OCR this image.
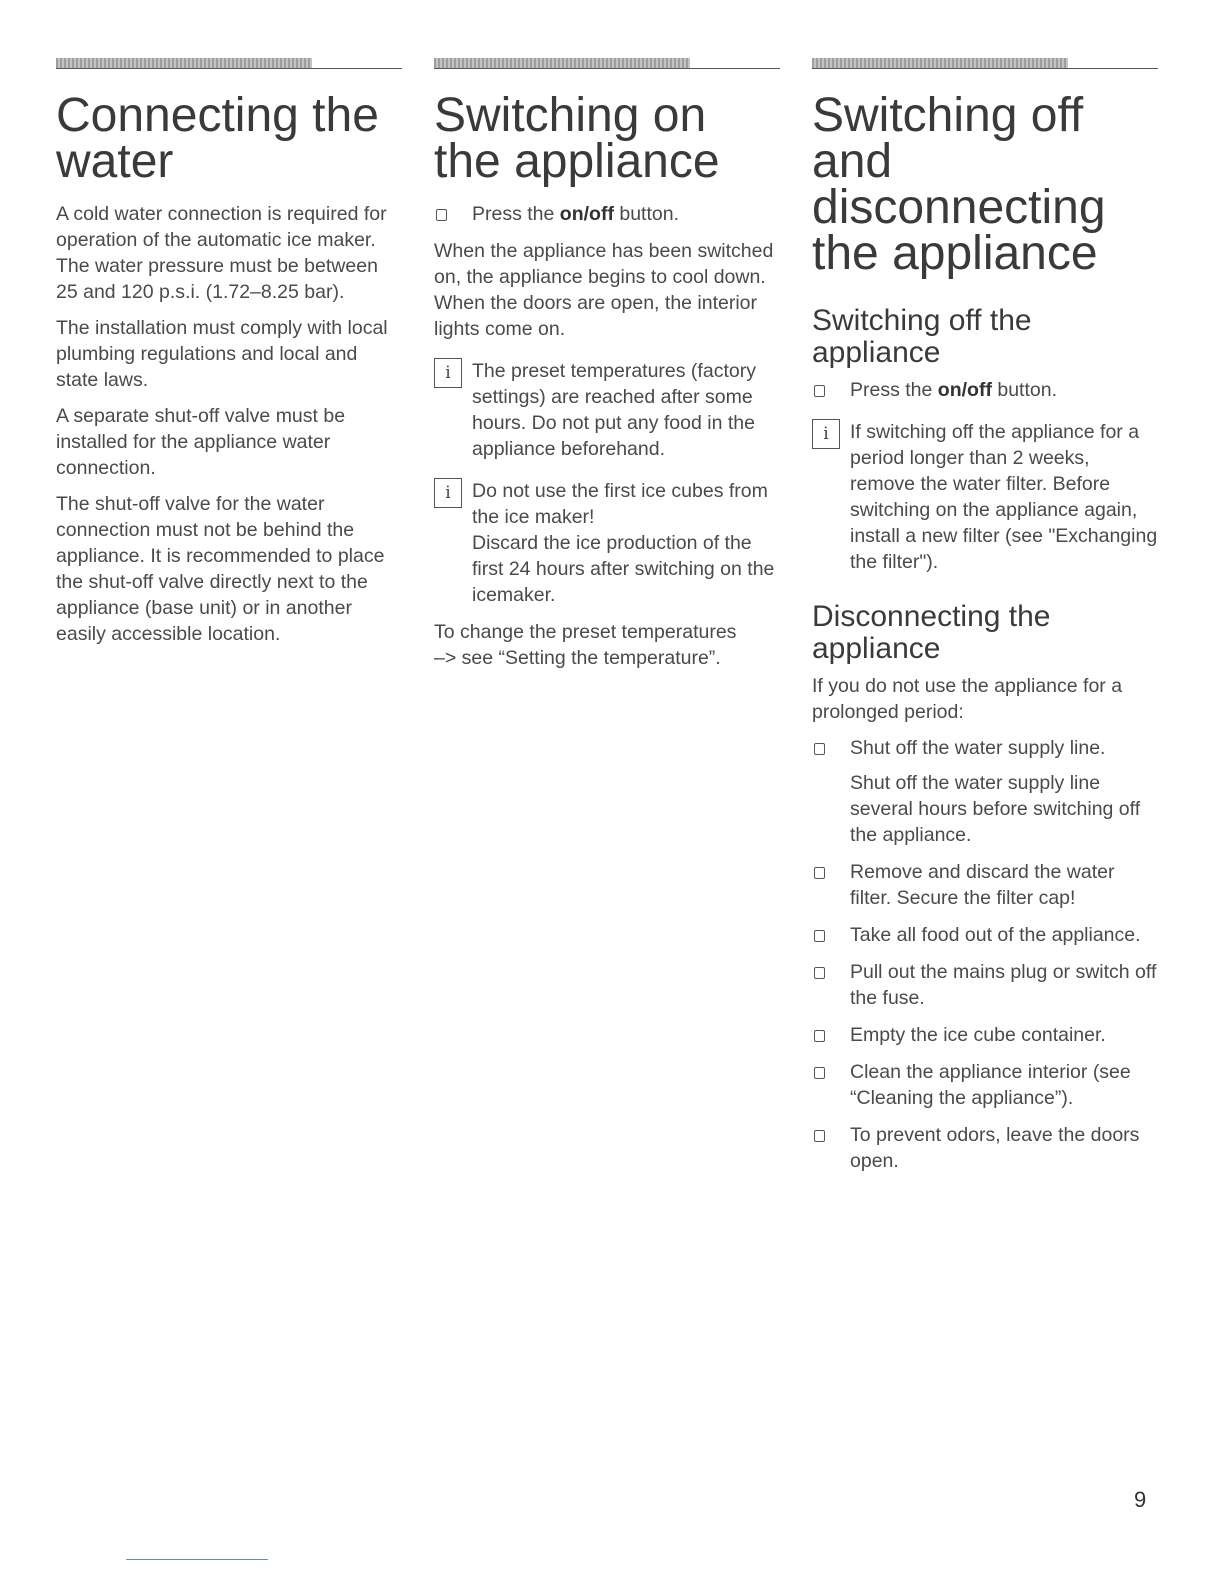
Connecting the
water

A cold water connection is required for operation of the automatic ice maker. The water pressure must be between 25 and 120 p.s.i. (1.72–8.25 bar).

The installation must comply with local plumbing regulations and local and state laws.

A separate shut-off valve must be installed for the appliance water connection.

The shut-off valve for the water connection must not be behind the appliance. It is recommended to place the shut-off valve directly next to the appliance (base unit) or in another easily accessible location.

Switching on
the appliance
Press the on/off button.

When the appliance has been switched on, the appliance begins to cool down. When the doors are open, the interior lights come on.

i	The preset temperatures (factory settings) are reached after some hours. Do not put any food in the appliance beforehand.
i	Do not use the first ice cubes from the ice maker!
Discard the ice production of the first 24 hours after switching on the icemaker.

To change the preset temperatures
–> see “Setting the temperature”.

Switching off
and
disconnecting
the appliance
Switching off the
appliance
Press the on/off button.
i	If switching off the appliance for a period longer than 2 weeks, remove the water filter. Before switching on the appliance again, install a new filter (see "Exchanging the filter").
Disconnecting the
appliance

If you do not use the appliance for a prolonged period:

Shut off the water supply line.
Shut off the water supply line several hours before switching off the appliance.
Remove and discard the water filter. Secure the filter cap!
Take all food out of the appliance.
Pull out the mains plug or switch off the fuse.
Empty the ice cube container.
Clean the appliance interior (see “Cleaning the appliance”).
To prevent odors, leave the doors open.
9
